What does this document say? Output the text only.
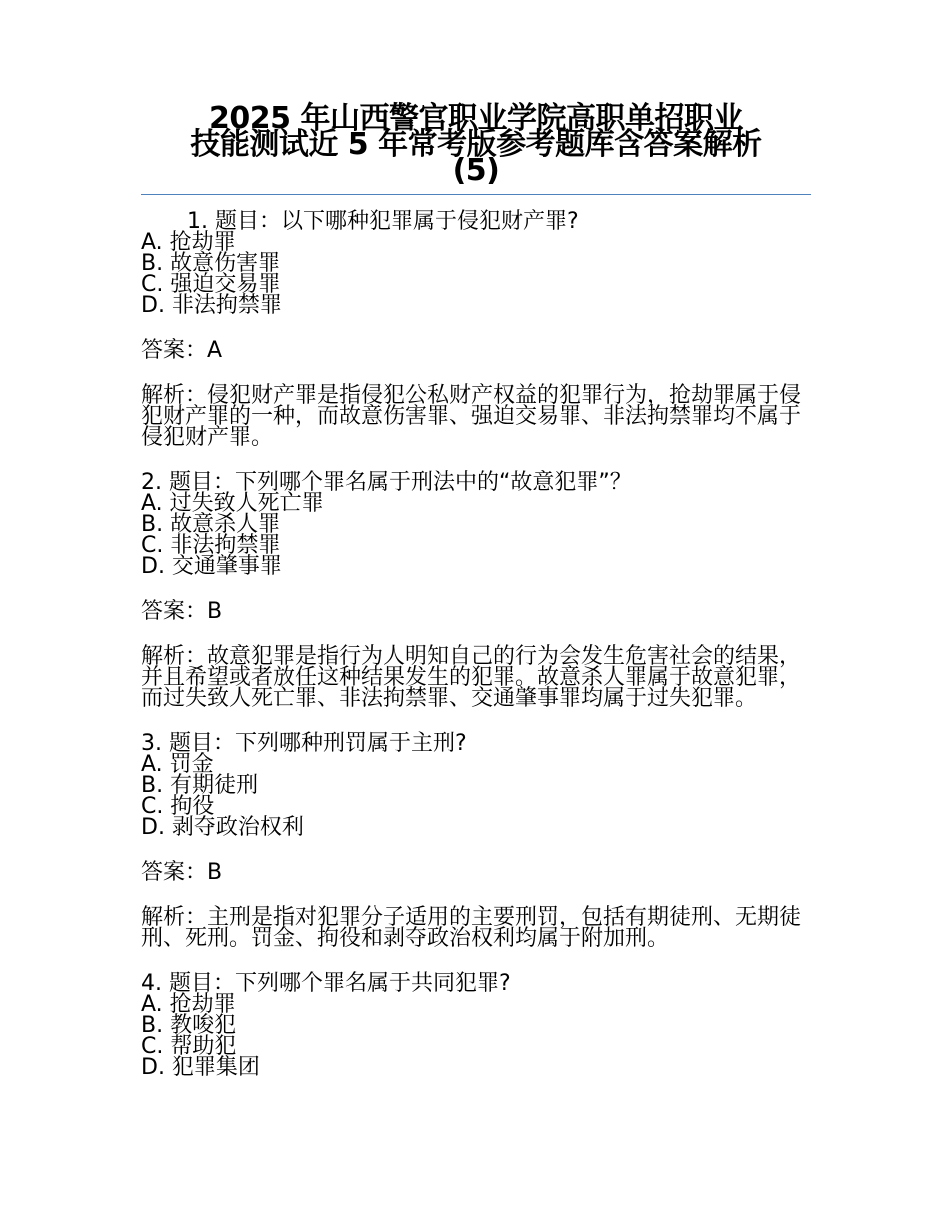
2025 年山西警官职业学院高职单招职业
技能测试近 5 年常考版参考题库含答案解析
(5)
1. 题目：以下哪种犯罪属于侵犯财产罪?
A. 抢劫罪
B. 故意伤害罪
C. 强迫交易罪
D. 非法拘禁罪
答案：A
解析：侵犯财产罪是指侵犯公私财产权益的犯罪行为，抢劫罪属于侵犯财产罪的一种，而故意伤害罪、强迫交易罪、非法拘禁罪均不属于侵犯财产罪。
2. 题目：下列哪个罪名属于刑法中的“故意犯罪”？
A. 过失致人死亡罪
B. 故意杀人罪
C. 非法拘禁罪
D. 交通肇事罪
答案：B
解析：故意犯罪是指行为人明知自己的行为会发生危害社会的结果，并且希望或者放任这种结果发生的犯罪。故意杀人罪属于故意犯罪，而过失致人死亡罪、非法拘禁罪、交通肇事罪均属于过失犯罪。
3. 题目：下列哪种刑罚属于主刑?
A. 罚金
B. 有期徒刑
C. 拘役
D. 剥夺政治权利
答案：B
解析：主刑是指对犯罪分子适用的主要刑罚，包括有期徒刑、无期徒刑、死刑。罚金、拘役和剥夺政治权利均属于附加刑。
4. 题目：下列哪个罪名属于共同犯罪?
A. 抢劫罪
B. 教唆犯
C. 帮助犯
D. 犯罪集团
